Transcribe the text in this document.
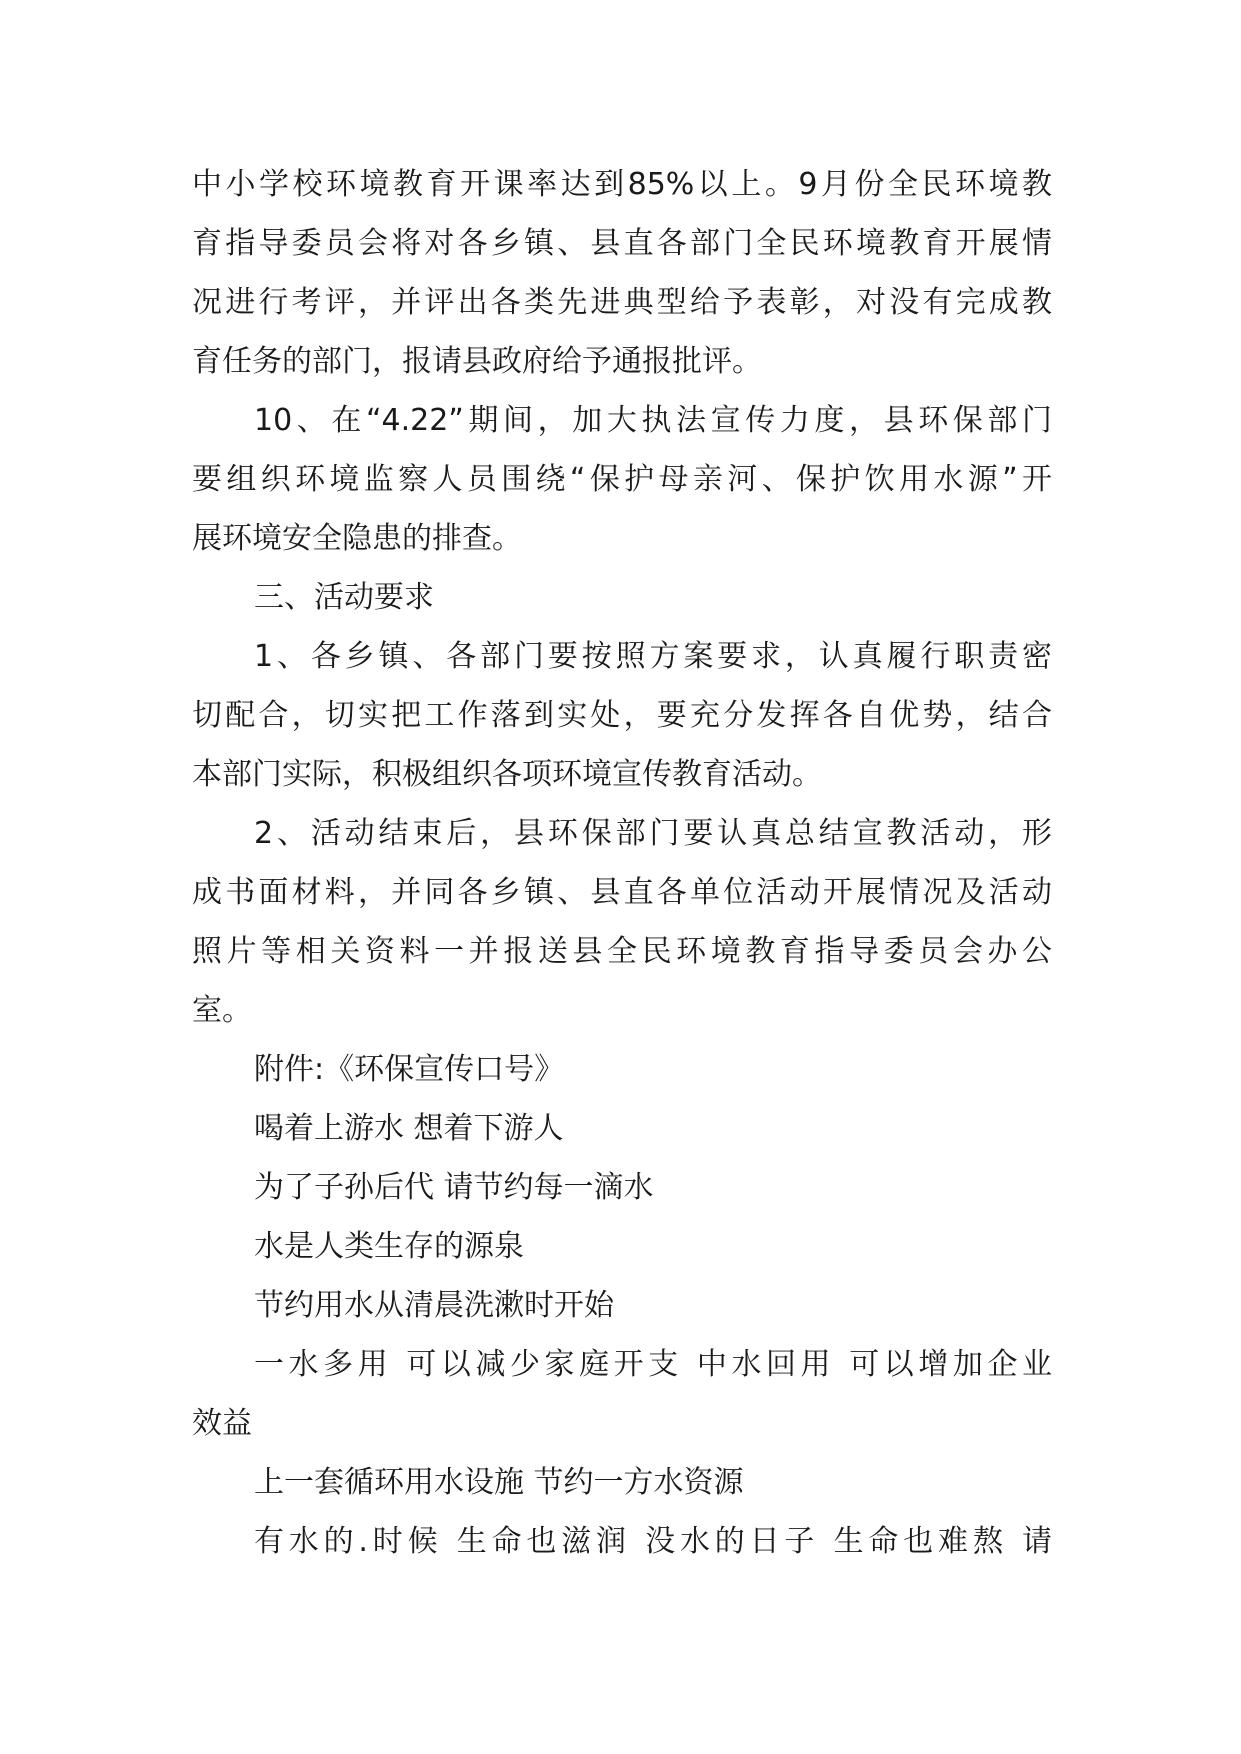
中小学校环境教育开课率达到85%以上。9月份全民环境教
育指导委员会将对各乡镇、县直各部门全民环境教育开展情
况进行考评，并评出各类先进典型给予表彰，对没有完成教
育任务的部门，报请县政府给予通报批评。
10、在“4.22”期间，加大执法宣传力度，县环保部门
要组织环境监察人员围绕“保护母亲河、保护饮用水源”开
展环境安全隐患的排查。
三、活动要求
1、各乡镇、各部门要按照方案要求，认真履行职责密
切配合，切实把工作落到实处，要充分发挥各自优势，结合
本部门实际，积极组织各项环境宣传教育活动。
2、活动结束后，县环保部门要认真总结宣教活动，形
成书面材料，并同各乡镇、县直各单位活动开展情况及活动
照片等相关资料一并报送县全民环境教育指导委员会办公
室。
附件:《环保宣传口号》
喝着上游水 想着下游人
为了子孙后代 请节约每一滴水
水是人类生存的源泉
节约用水从清晨洗漱时开始
一水多用 可以减少家庭开支 中水回用 可以增加企业
效益
上一套循环用水设施 节约一方水资源
有水的.时候 生命也滋润 没水的日子 生命也难熬 请
